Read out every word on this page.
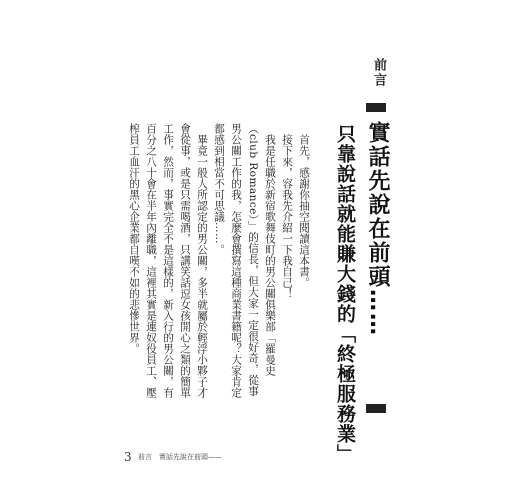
前言
實話先說在前頭……
只靠說話就能賺大錢的「終極服務業」

首先，感謝你抽空閱讀這本書。

接下來，容我先介紹一下我自己！

我是任職於新宿歌舞伎町的男公關俱樂部「羅曼史（club Romance）」的信長，但大家一定很好奇，從事男公關工作的我，怎麼會撰寫這種商業書籍呢？大家肯定都感到相當不可思議……。

畢竟一般人所認定的男公關，多半就屬於輕浮小夥子才會從事，或是只需喝酒，只講笑話逗女孩開心之類的簡單工作，然而，事實完全不是這樣的，新入行的男公關，有百分之八十會在半年內離職，這裡其實是連奴役員工、壓榨員工血汗的黑心企業都自嘆不如的悲慘世界。

3 前言　實話先說在前頭——
